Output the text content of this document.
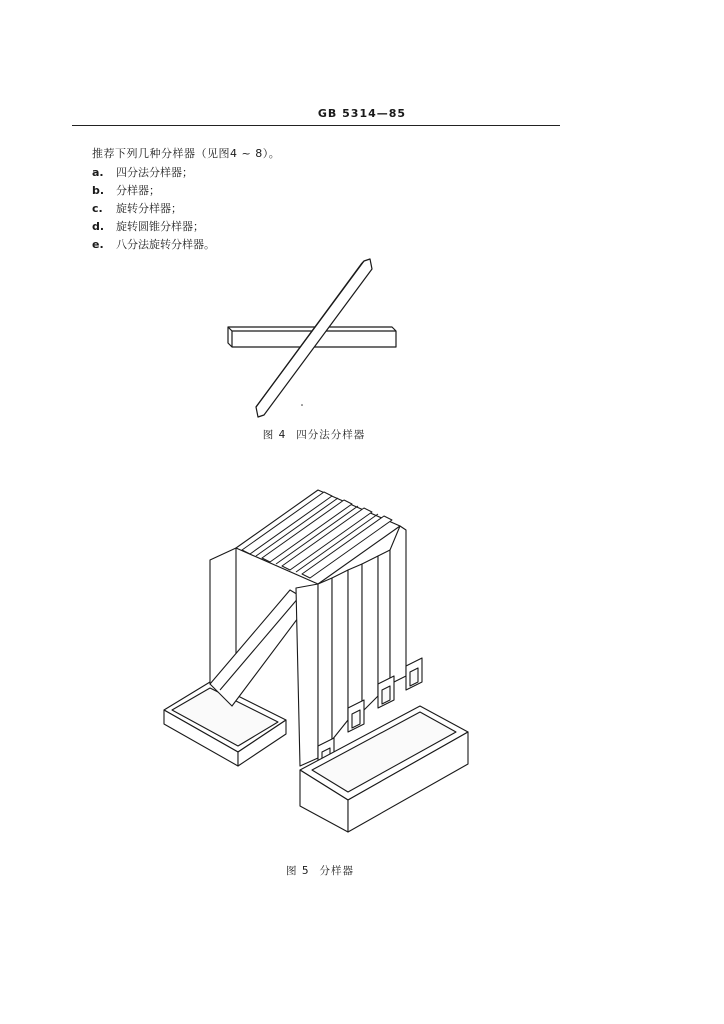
GB 5314—85
推荐下列几种分样器（见图4 ~ 8）。
a.	四分法分样器；
b.	分样器；
c.	旋转分样器；
d.	旋转圆锥分样器；
e.	八分法旋转分样器。
图 4 四分法分样器
图 5 分样器
